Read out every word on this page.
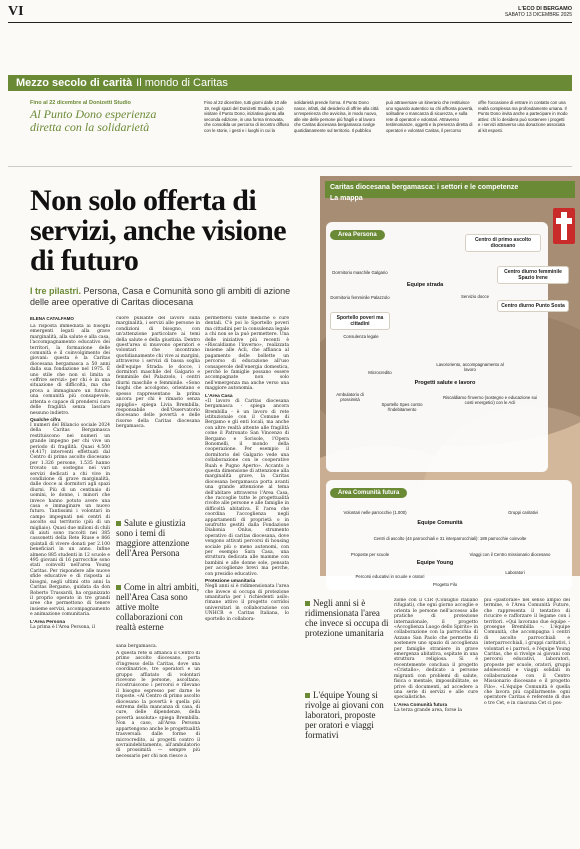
VI	L'ECO DI BERGAMO
SABATO 13 DICEMBRE 2025
Mezzo secolo di carità Il mondo di Caritas
Fino al 22 dicembre al Donizetti Studio
Al Punto Dono esperienza diretta con la solidarietà
Fino al 22 dicembre, tutti giorni dalle 10 alle 19, negli spazi del Donizetti Studio, si può visitare il Punto Dono, iniziativa giunta alla seconda edizione, in una forma rinnovata, che consolida un percorso di incontro diffuso con le storie, i gesti e i luoghi in cui la
solidarietà prende forma. Il Punto Dono nasce, infatti, dal desiderio di offrire alla città un'esperienza che avvicina, in modo nuovo, alle vite delle persone più fragili e al lavoro che Caritas diocesana bergamasca svolge quotidianamente sul territorio. Il pubblico
può attraversare un itinerario che restituisce uno sguardo autentico su chi affronta povertà, solitudine o mancanza di sicurezza, e sulla rete di operatori e volontari. Attraverso testimonianze, oggetti e la presenza diretta di operatori e volontari Caritas, il percorso
offre l'occasione di entrare in contatto con una realtà complessa ma profondamente umana. Il Punto Dono invita anche a partecipare in modo attivo: chi lo desidera può sostenere i progetti e i servizi attraverso una donazione associata al kit esposti.
Non solo offerta di servizi, anche visione di futuro
I tre pilastri. Persona, Casa e Comunità sono gli ambiti di azione delle aree operative di Caritas diocesana
ELENA CATALFAMO
La risposta immediata ai bisogni emergenti legati alla grave marginalità, alla salute e alla casa, l'accompagnamento educativo dei territori, la formazione delle comunità e il coinvolgimento dei giovani: questa è la Caritas diocesana bergamasca a 50 anni dalla sua fondazione nel 1975. È uno stile che non si limita a «offrire servizi» per chi è in una situazione di difficoltà, ma che prova a immaginare un futuro: una comunità più consapevole, attenta e capace di prendersi cura delle fragilità senza lasciare nessuno indietro.
Qualche cifra
I numeri del Bilancio sociale 2024 della Caritas Bergamasca restituiscono nei numeri un grande impegno per chi vive un periodo di fragilità. Quasi 4.500 (4.417) interventi effettuati dal Centro di primo ascolto diocesano per 1.326 persone, 1.535 hanno trovato un sostegno nei vari servizi dedicati a chi vive in condizione di grave marginalità, dalle docce ai dormitori agli spazi diurni. Più di un centinaio di uomini, le donne, i minori che invece hanno potuto avere una casa e immaginare un nuovo futuro. Tantissimi i volontari in campo impegnati nei centri di ascolto sul territorio (più di un migliaio). Quasi due milioni di chili di aiuti sono raccolti nei 385 cassonetti della Rete Riuse e 866 quintali di vivere donati per 2.100 beneficiari in un anno. Infine almeno 885 studenti in 12 scuole e 495 giovani di 16 parrocchie sono stati coinvolti nell'area Young Caritas. Per rispondere alle nuove sfide educative e di risposta ai bisogni, negli ultimi otto anni la Caritas Bergamo, guidata da don Roberto Trussardi, ha organizzato il proprio operato in tre grandi aree che permettono di tenere insieme servizi, accompagnamento e animazione comunitaria.
L'Area Persona
La prima è l'Area Persona, il
cuore pulsante del lavoro sulla marginalità, i servizi alle persone in condizioni di bisogno, con un'attenzione particolare ai temi della salute e della giustizia. Dentro quest'area si muovono operatori e volontari che incontrano quotidianamente chi vive ai margini, attraverso i servizi di bassa soglia dell'equipe Strada: le docce, i dormitori maschile del Galgario e femminile del Palazzolo, i centri diurni maschile e femminile. «Sono luoghi che accolgono, orientano e spesso rappresentano la prima ancora per chi è rimasto senza appiglio» spiega Livia Brembilla, responsabile dell'Osservatorio diocesano delle povertà e delle risorse della Caritas diocesana bergamasca.
Salute e giustizia sono i temi di maggiore attenzione dell'Area Persona
Come in altri ambiti, nell'Area Casa sono attive molte collaborazioni con realtà esterne
sana bergamasca.
A questa rete si affianca il Centro di primo ascolto diocesano, porta d'ingresso della Caritas, dove una coordinatrice, tre operatori e un gruppo affiatato di volontari ricevono le persone, ascoltano, ricostruiscono i percorsi e rilevano il bisogno espresso per darne le risposte. «Al Centro di primo ascolto diocesano la povertà è quella più estrema della mancanza di casa, di cure, delle dipendenze, della povertà assoluta» spiega Brembilla. Non a caso, all'Area Persona appartengono anche le progettualità trasversali: dalle forme di microcredito, ai progetti contro il sovraindebitamento, all'ambulatorio di prossimità — sempre più necessario per chi non riesce a
permettersi visite mediche o cure dentali. C'è poi lo Sportello poveri ma cittadini per la consulenza legale a chi non se la può permettere. Una delle iniziative più recenti è «Riscaldiamo l'inverno», realizzata insieme alle Acli, che affianca al pagamento delle bollette un percorso di educazione all'uso consapevole dell'energia domestica, perché le famiglie possano essere accompagnate non solo nell'emergenza ma anche verso una maggiore autonomia.
L'Area Casa
«Il lavoro di Caritas diocesana bergamasca - spiega ancora Brembilla - è un lavoro di rete istituzionale con il Comune di Bergamo e gli enti locali, ma anche con altre realtà attente alle fragilità come il Patronato San Vincenzo di Bergamo e Sorisole, l'Opera Bonomelli, il mondo della cooperazione. Per esempio il dormitorio del Galgario vede una collaborazione con le cooperative Ruah e Pugno Aperto». Accanto a questa dimensione di attenzione alla marginalità grave, la Caritas diocesana bergamasca porta avanti una grande attenzione al tema dell'abitare attraverso l'Area Casa, che raccoglie tutte le progettualità rivolte alle persone e alle famiglie in difficoltà abitativa. È l'area che coordina l'accoglienza negli appartamenti di proprietà o in usufrutto gestiti dalla Fondazione Diakonia Onlus, strumento operativo di caritas diocesana, dove vengono attivati percorsi di housing sociale più o meno autonomi, con per esempio Sara Casa, una struttura dedicata alle mamme con bambini e alle donne sole, pensata per accoglienze brevi ma perche, con presidio educativo.
Protezione umanitaria
Negli anni si è ridimensionata l'area che invece si occupa di protezione umanitaria per i richiedenti asilo: rimane attivo il progetto corridoi universitari in collaborazione con UNHCR e Caritas Italiana, lo sportello in collabora-
Caritas diocesana bergamasca: i settori e le competenze
La mappa
Area Persona
Centro di primo ascolto diocesano
Dormitorio maschile Galgario
Equipe strada
Dormitorio femminile Palazzolo	Servizio docce
Centro diurno femminile Spazio Irene
Centro diurno Punto Sosta
Sportello poveri ma cittadini
Consulenza legale
Microcredito
Lavororiento, accompagnamento al lavoro
Progetti salute e lavoro
Ambulatorio di prossimità
Sportello Spes contro l'indebitamento
Riscaldiamo l'inverno (sostegno e educazione sui costi energetici) con le Acli
Area Comunità futura
Volontari nelle parrocchie (1.000)	Gruppi caritativi
Equipe Comunità
Centri di ascolto (44 parrocchiali e 31 interparrocchiali): 189 parrocchie coinvolte
Proposte per scuole	Viaggi con il Centro missionario diocesano
Equipe Young
Percorsi educativi in scuole e oratori
Laboratori
Progetto Filo
Negli anni si è ridimensionata l'area che invece si occupa di protezione umanitaria
L'équipe Young si rivolge ai giovani con laboratori, proposte per oratori e viaggi formativi
zione con il CIR (Consiglio italiano rifugiati), che ogni giorno accoglie e orienta le persone nell'accesso alle pratiche di protezione internazionale, il progetto «Accoglienza Luogo dello Spirito» in collaborazione con la parrocchia di Azzano San Paolo che permette di sostenere uno spazio di accoglienza per famiglie straniere in grave emergenza abitativa, ospitate in una struttura religiosa. Si è recentemente conclusa il progetto «Cristallo», dedicato a persone migranti con problemi di salute, fisica o mentale, impossibilitate, se prive di documenti, ad accedere a una serie di servizi e alle cure specialistiche.
L'Area Comunità futura
La terza grande area, forse la
più «pastorale» nel senso ampio del termine, è l'Area Comunità Future, che rappresenta il tentativo di ricucire e rafforzare il legame con i territori. «Qui lavorano due équipe – prosegue Brembilla –. L'équipe Comunità, che accompagna i centri di ascolto parrocchiali e interparrocchiali, i gruppi caritativi, i volontari e i parroci, e l'équipe Young Caritas, che si rivolge ai giovani con percorsi educativi, laboratori, proposte per scuole, oratori, gruppi adolescenti e viaggi solidali in collaborazione con il Centro Missionario diocesano e il progetto Filo». «L'équipe Comunità è quella che lavora più capillarmente: ogni operatore Caritas è referente di due o tre Cet, e in ciascuna Cet ci pos-
